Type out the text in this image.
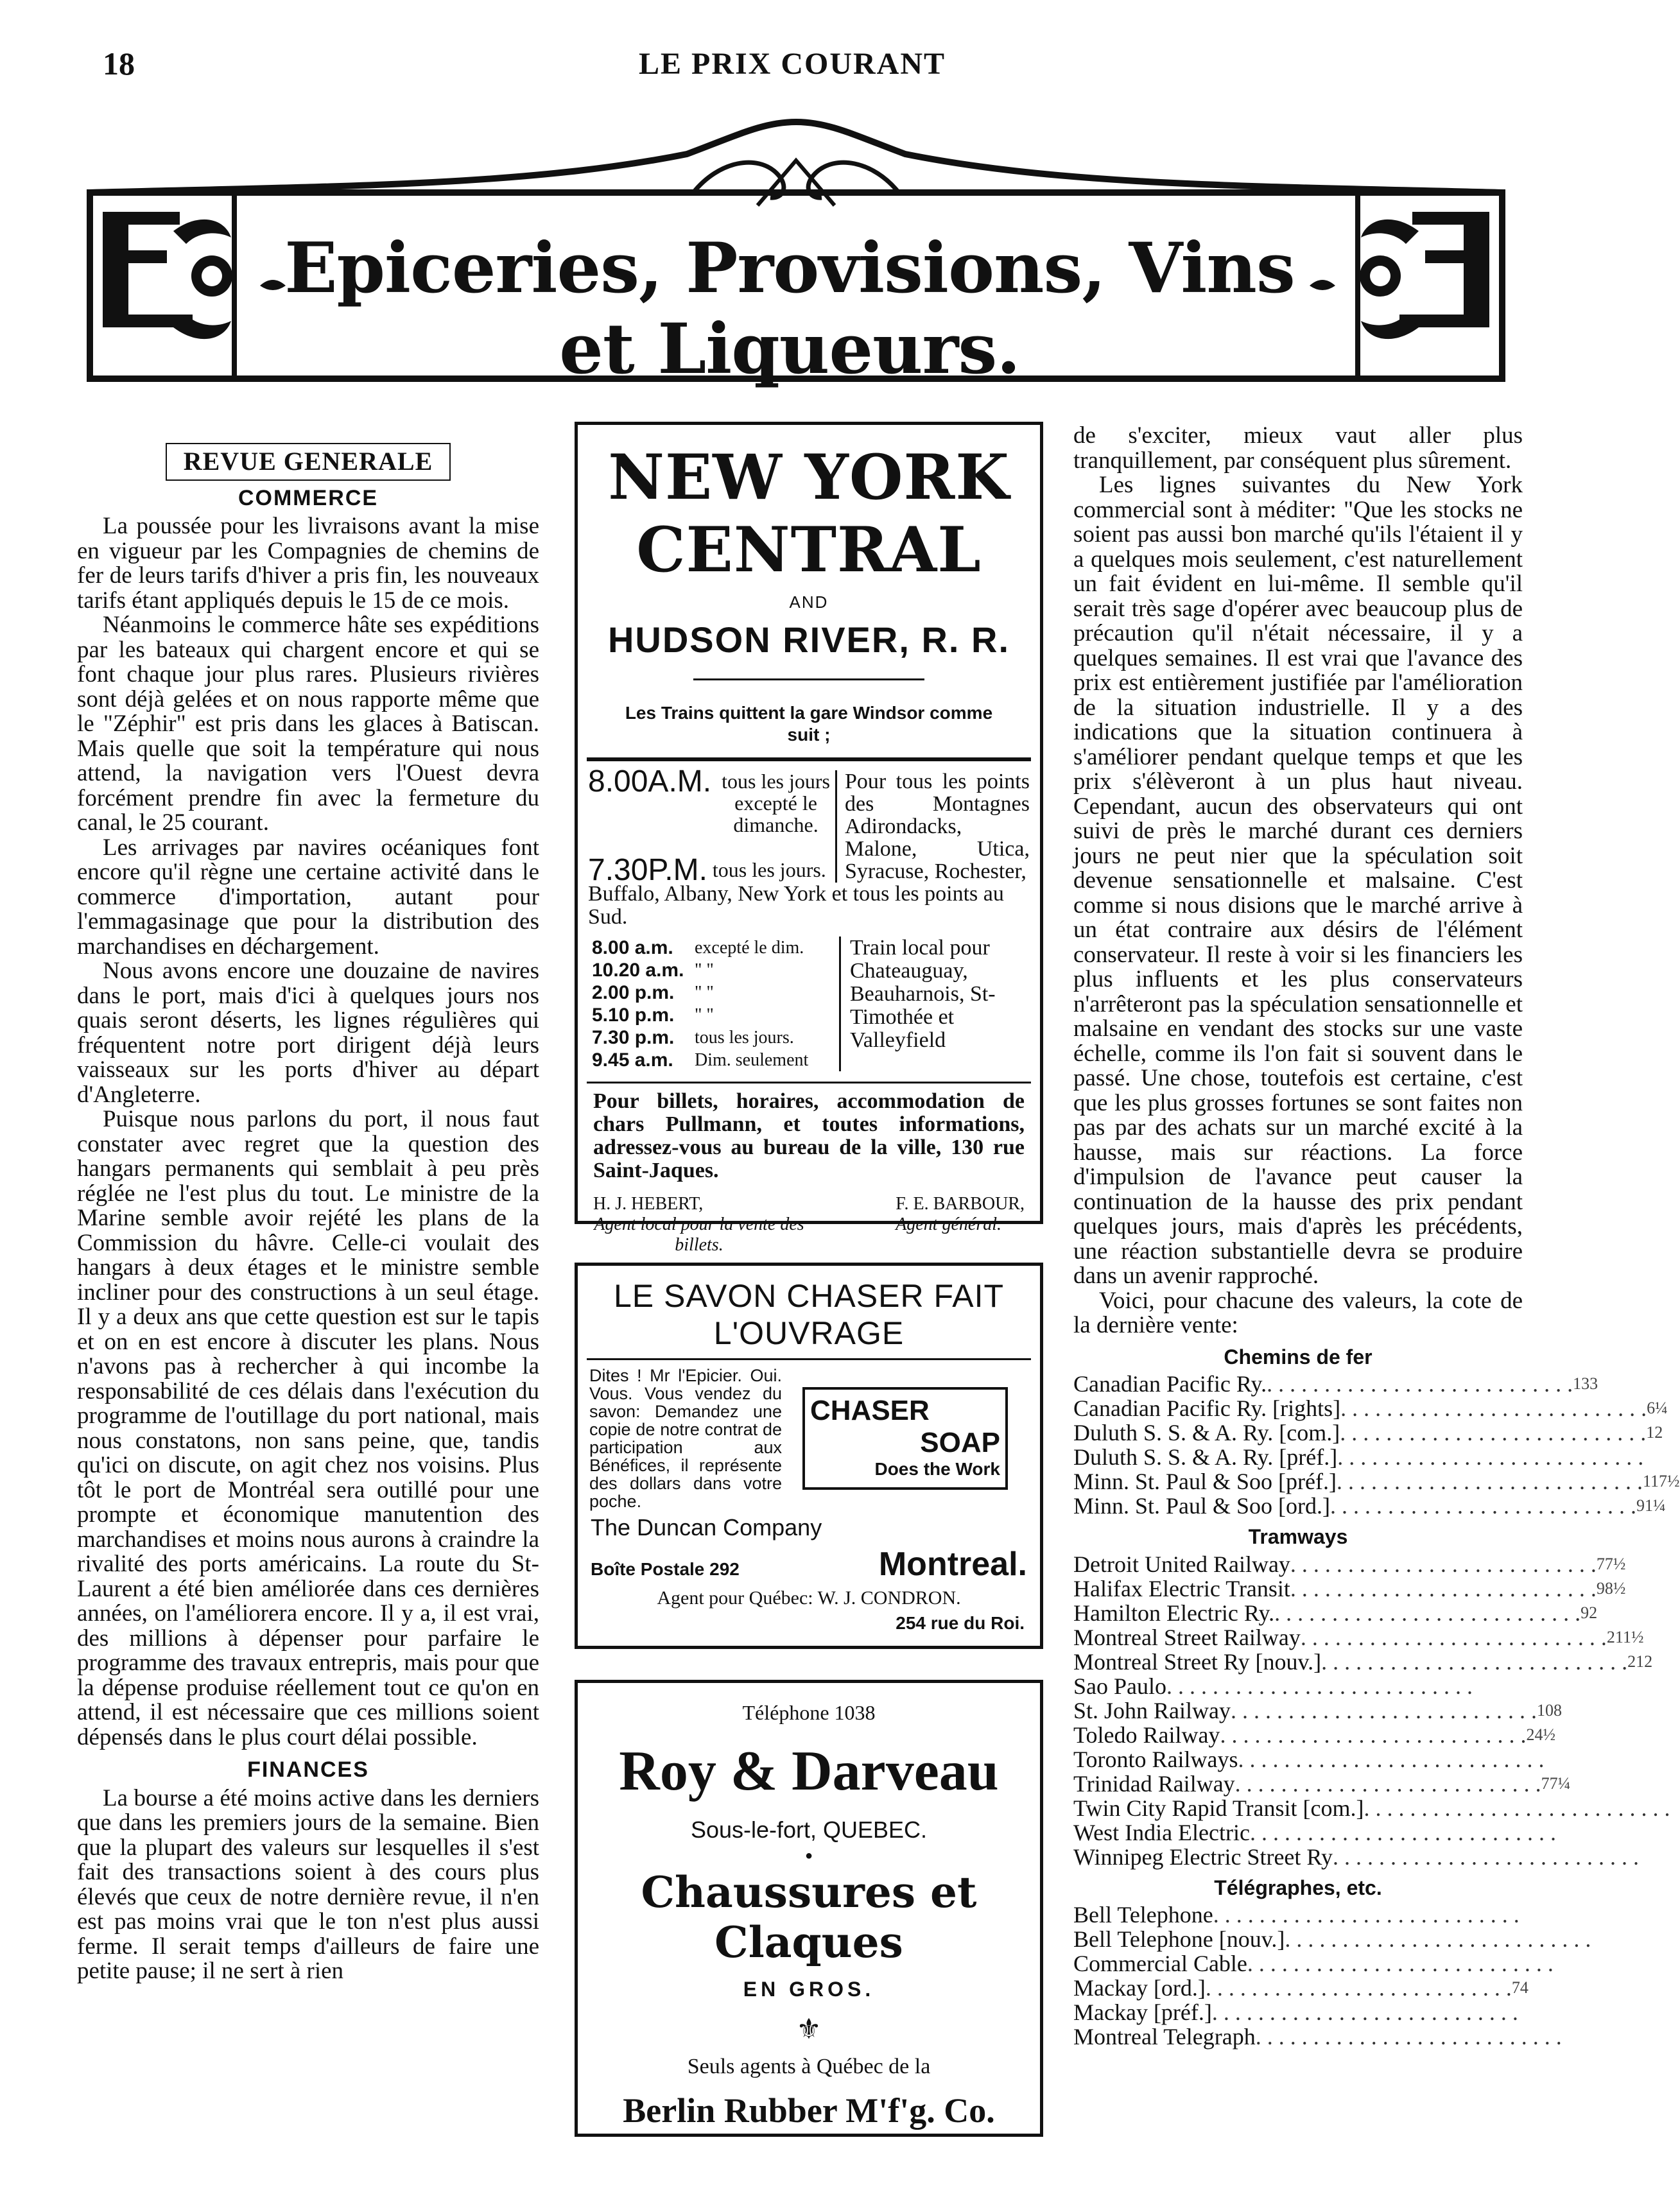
18	LE PRIX COURANT
Epiceries, Provisions, Vins et Liqueurs.
REVUE GENERALE
COMMERCE

La poussée pour les livraisons avant la mise en vigueur par les Compagnies de chemins de fer de leurs tarifs d'hiver a pris fin, les nouveaux tarifs étant appliqués depuis le 15 de ce mois.

Néanmoins le commerce hâte ses expéditions par les bateaux qui chargent encore et qui se font chaque jour plus rares. Plusieurs rivières sont déjà gelées et on nous rapporte même que le "Zéphir" est pris dans les glaces à Batiscan. Mais quelle que soit la température qui nous attend, la navigation vers l'Ouest devra forcément prendre fin avec la fermeture du canal, le 25 courant.

Les arrivages par navires océaniques font encore qu'il règne une certaine activité dans le commerce d'importation, autant pour l'emmagasinage que pour la distribution des marchandises en déchargement.

Nous avons encore une douzaine de navires dans le port, mais d'ici à quelques jours nos quais seront déserts, les lignes régulières qui fréquentent notre port dirigent déjà leurs vaisseaux sur les ports d'hiver au départ d'Angleterre.

Puisque nous parlons du port, il nous faut constater avec regret que la question des hangars permanents qui semblait à peu près réglée ne l'est plus du tout. Le ministre de la Marine semble avoir rejété les plans de la Commission du hâvre. Celle-ci voulait des hangars à deux étages et le ministre semble incliner pour des constructions à un seul étage. Il y a deux ans que cette question est sur le tapis et on en est encore à discuter les plans. Nous n'avons pas à rechercher à qui incombe la responsabilité de ces délais dans l'exécution du programme de l'outillage du port national, mais nous constatons, non sans peine, que, tandis qu'ici on discute, on agit chez nos voisins. Plus tôt le port de Montréal sera outillé pour une prompte et économique manutention des marchandises et moins nous aurons à craindre la rivalité des ports américains. La route du St-Laurent a été bien améliorée dans ces dernières années, on l'améliorera encore. Il y a, il est vrai, des millions à dépenser pour parfaire le programme des travaux entrepris, mais pour que la dépense produise réellement tout ce qu'on en attend, il est nécessaire que ces millions soient dépensés dans le plus court délai possible.

FINANCES

La bourse a été moins active dans les derniers que dans les premiers jours de la semaine. Bien que la plupart des valeurs sur lesquelles il s'est fait des transactions soient à des cours plus élevés que ceux de notre dernière revue, il n'en est pas moins vrai que le ton n'est plus aussi ferme. Il serait temps d'ailleurs de faire une petite pause; il ne sert à rien

NEW YORK CENTRAL
AND
HUDSON RIVER, R. R.
Les Trains quittent la gare Windsor comme suit ;
8.00A.M. tous les jours excepté le dimanche.
7.30P.M. tous les jours.
Pour tous les points des Montagnes Adirondacks, Malone, Utica, Syracuse, Rochester,
Buffalo, Albany, New York et tous les points au Sud.
8.00 a.m.	excepté le dim.
10.20 a.m. " "
2.00 p.m.	" "
5.10 p.m.	" "
7.30 p.m.	tous les jours.
9.45 a.m.	Dim. seulement
Train local pour Chateauguay, Beauharnois, St-Timothée et Valleyfield
Pour billets, horaires, accommodation de chars Pullmann, et toutes informations, adressez-vous au bureau de la ville, 130 rue Saint-Jaques.
H. J. HEBERT,
Agent local pour la vente des billets.
F. E. BARBOUR,
Agent général.
LE SAVON CHASER FAIT L'OUVRAGE
Dites ! Mr l'Epicier. Oui. Vous. Vous vendez du savon: Demandez une copie de notre contrat de participation aux Bénéfices, il représente des dollars dans votre poche.
CHASER
SOAP
Does the Work
The Duncan Company
Boîte Postale 292	Montreal.
Agent pour Québec: W. J. CONDRON.
254 rue du Roi.
Téléphone 1038
Roy & Darveau
Sous-le-fort, QUEBEC.
●
Chaussures et Claques
EN GROS.
⚜
Seuls agents à Québec de la
Berlin Rubber M'f'g. Co.

de s'exciter, mieux vaut aller plus tranquillement, par conséquent plus sûrement.

Les lignes suivantes du New York commercial sont à méditer: "Que les stocks ne soient pas aussi bon marché qu'ils l'étaient il y a quelques mois seulement, c'est naturellement un fait évident en lui-même. Il semble qu'il serait très sage d'opérer avec beaucoup plus de précaution qu'il n'était nécessaire, il y a quelques semaines. Il est vrai que l'avance des prix est entièrement justifiée par l'amélioration de la situation industrielle. Il y a des indications que la situation continuera à s'améliorer pendant quelque temps et que les prix s'élèveront à un plus haut niveau. Cependant, aucun des observateurs qui ont suivi de près le marché durant ces derniers jours ne peut nier que la spéculation soit devenue sensationnelle et malsaine. C'est comme si nous disions que le marché arrive à un état contraire aux désirs de l'élément conservateur. Il reste à voir si les financiers les plus influents et les plus conservateurs n'arrêteront pas la spéculation sensationnelle et malsaine en vendant des stocks sur une vaste échelle, comme ils l'on fait si souvent dans le passé. Une chose, toutefois est certaine, c'est que les plus grosses fortunes se sont faites non pas par des achats sur un marché excité à la hausse, mais sur réactions. La force d'impulsion de l'avance peut causer la continuation de la hausse des prix pendant quelques jours, mais d'après les précédents, une réaction substantielle devra se produire dans un avenir rapproché.

Voici, pour chacune des valeurs, la cote de la dernière vente:

Chemins de fer
Canadian Pacific Ry. . . . . . . . . . . . . . . . . . . . . . . . . . . . 133
Canadian Pacific Ry. [rights] . . . . . . . . . . . . . . . . . . . . . . . . . . . 6¼
Duluth S. S. & A. Ry. [com.] . . . . . . . . . . . . . . . . . . . . . . . . . . . 12
Duluth S. S. & A. Ry. [préf.] . . . . . . . . . . . . . . . . . . . . . . . . . . .
Minn. St. Paul & Soo [préf.] . . . . . . . . . . . . . . . . . . . . . . . . . . . 117½
Minn. St. Paul & Soo [ord.] . . . . . . . . . . . . . . . . . . . . . . . . . . . 91¼
Tramways
Detroit United Railway . . . . . . . . . . . . . . . . . . . . . . . . . . . 77½
Halifax Electric Transit . . . . . . . . . . . . . . . . . . . . . . . . . . . 98½
Hamilton Electric Ry. . . . . . . . . . . . . . . . . . . . . . . . . . . . 92
Montreal Street Railway . . . . . . . . . . . . . . . . . . . . . . . . . . . 211½
Montreal Street Ry [nouv.] . . . . . . . . . . . . . . . . . . . . . . . . . . . 212
Sao Paulo . . . . . . . . . . . . . . . . . . . . . . . . . . .
St. John Railway . . . . . . . . . . . . . . . . . . . . . . . . . . . 108
Toledo Railway . . . . . . . . . . . . . . . . . . . . . . . . . . . 24½
Toronto Railways . . . . . . . . . . . . . . . . . . . . . . . . . . .
Trinidad Railway . . . . . . . . . . . . . . . . . . . . . . . . . . . 77¼
Twin City Rapid Transit [com.] . . . . . . . . . . . . . . . . . . . . . . . . . . .
West India Electric . . . . . . . . . . . . . . . . . . . . . . . . . . .
Winnipeg Electric Street Ry . . . . . . . . . . . . . . . . . . . . . . . . . . .
Télégraphes, etc.
Bell Telephone . . . . . . . . . . . . . . . . . . . . . . . . . . .
Bell Telephone [nouv.] . . . . . . . . . . . . . . . . . . . . . . . . . . .
Commercial Cable . . . . . . . . . . . . . . . . . . . . . . . . . . .
Mackay [ord.] . . . . . . . . . . . . . . . . . . . . . . . . . . . 74
Mackay [préf.] . . . . . . . . . . . . . . . . . . . . . . . . . . .
Montreal Telegraph . . . . . . . . . . . . . . . . . . . . . . . . . . .
